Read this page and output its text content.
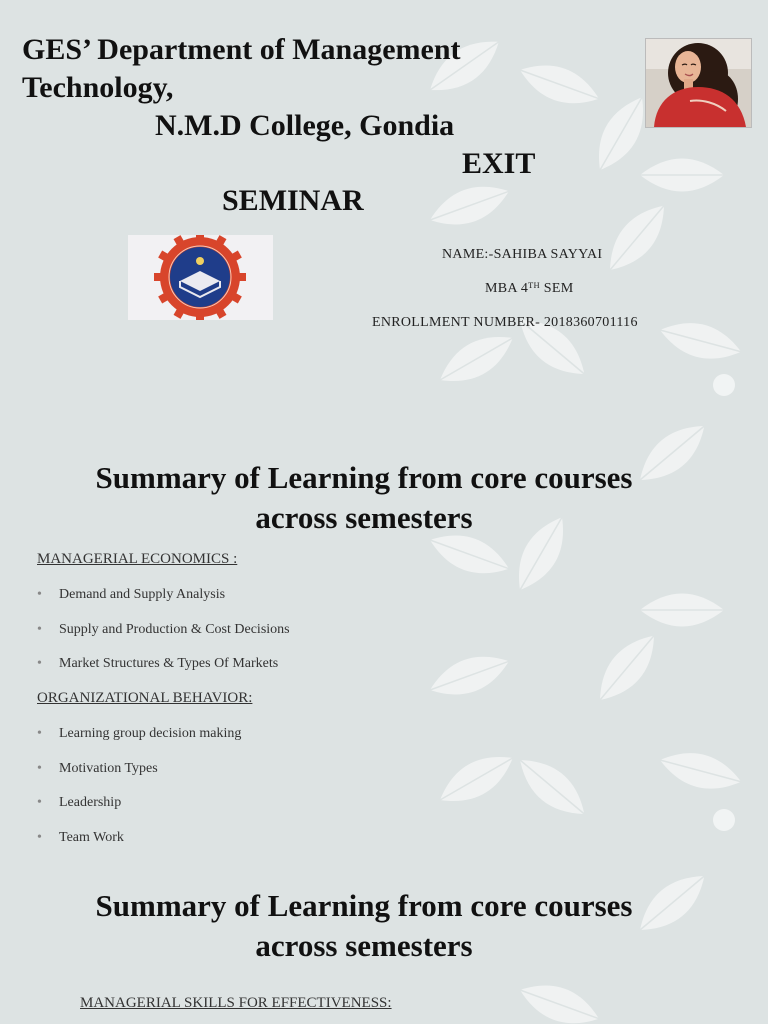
GES’ Department of Management
Technology,
N.M.D College, Gondia
EXIT
SEMINAR
NAME:-SAHIBA SAYYAI
MBA 4ᵀᴴ SEM
ENROLLMENT NUMBER- 2018360701116
Summary of Learning from core courses
across semesters
MANAGERIAL ECONOMICS :
• Demand and Supply Analysis
• Supply and Production & Cost Decisions
• Market Structures & Types Of Markets
ORGANIZATIONAL BEHAVIOR:
• Learning group decision making
• Motivation Types
• Leadership
• Team Work
Summary of Learning from core courses
across semesters
MANAGERIAL SKILLS FOR EFFECTIVENESS:
